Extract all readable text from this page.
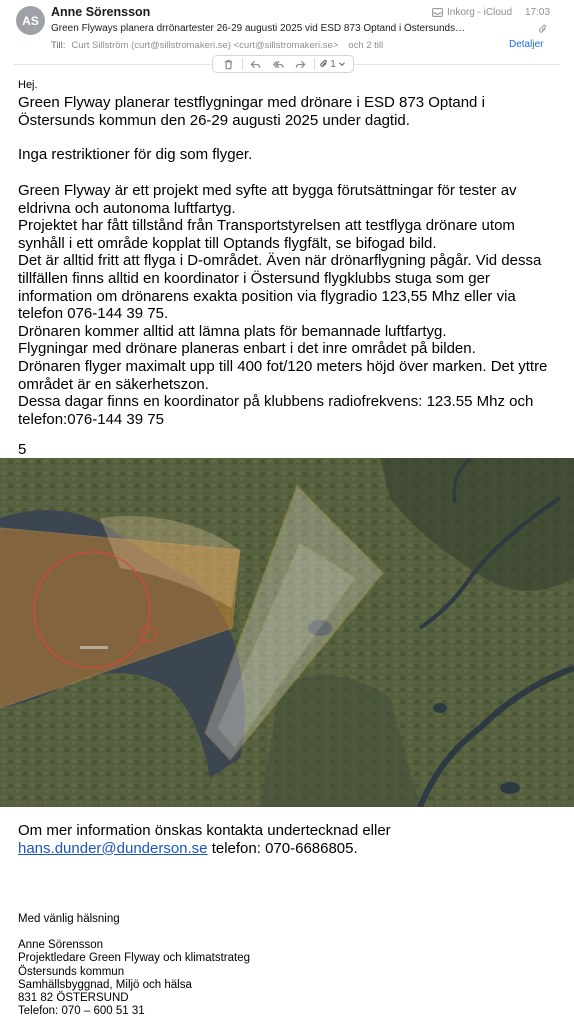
AS
Anne Sörensson	Inkorg - iCloud 17:03
Green Flyways planera drrönartester 26-29 augusti 2025 vid ESD 873 Optand i Östersunds…
Till: Curt Sillström (curt@sillstromakeri.se) <curt@sillstromakeri.se> och 2 till	Detaljer
1
Hej.

Green Flyway planerar testflygningar med drönare i ESD 873 Optand i Östersunds kommun den 26-29 augusti 2025 under dagtid.

Inga restriktioner för dig som flyger.

Green Flyway är ett projekt med syfte att bygga förutsättningar för tester av eldrivna och autonoma luftfartyg.
Projektet har fått tillstånd från Transportstyrelsen att testflyga drönare utom synhåll i ett område kopplat till Optands flygfält, se bifogad bild.
Det är alltid fritt att flyga i D-området. Även när drönarflygning pågår. Vid dessa tillfällen finns alltid en koordinator i Östersund flygklubbs stuga som ger information om drönarens exakta position via flygradio 123,55 Mhz eller via telefon 076-144 39 75.
Drönaren kommer alltid att lämna plats för bemannade luftfartyg.
Flygningar med drönare planeras enbart i det inre området på bilden.
Drönaren flyger maximalt upp till 400 fot/120 meters höjd över marken. Det yttre området är en säkerhetszon.
Dessa dagar finns en koordinator på klubbens radiofrekvens: 123.55 Mhz och telefon:076-144 39 75
5

Om mer information önskas kontakta undertecknad eller
hans.dunder@dunderson.se telefon: 070-6686805.

Med vänlig hälsning

Anne Sörensson
Projektledare Green Flyway och klimatstrateg
Östersunds kommun
Samhällsbyggnad, Miljö och hälsa
831 82 ÖSTERSUND
Telefon: 070 – 600 51 31
